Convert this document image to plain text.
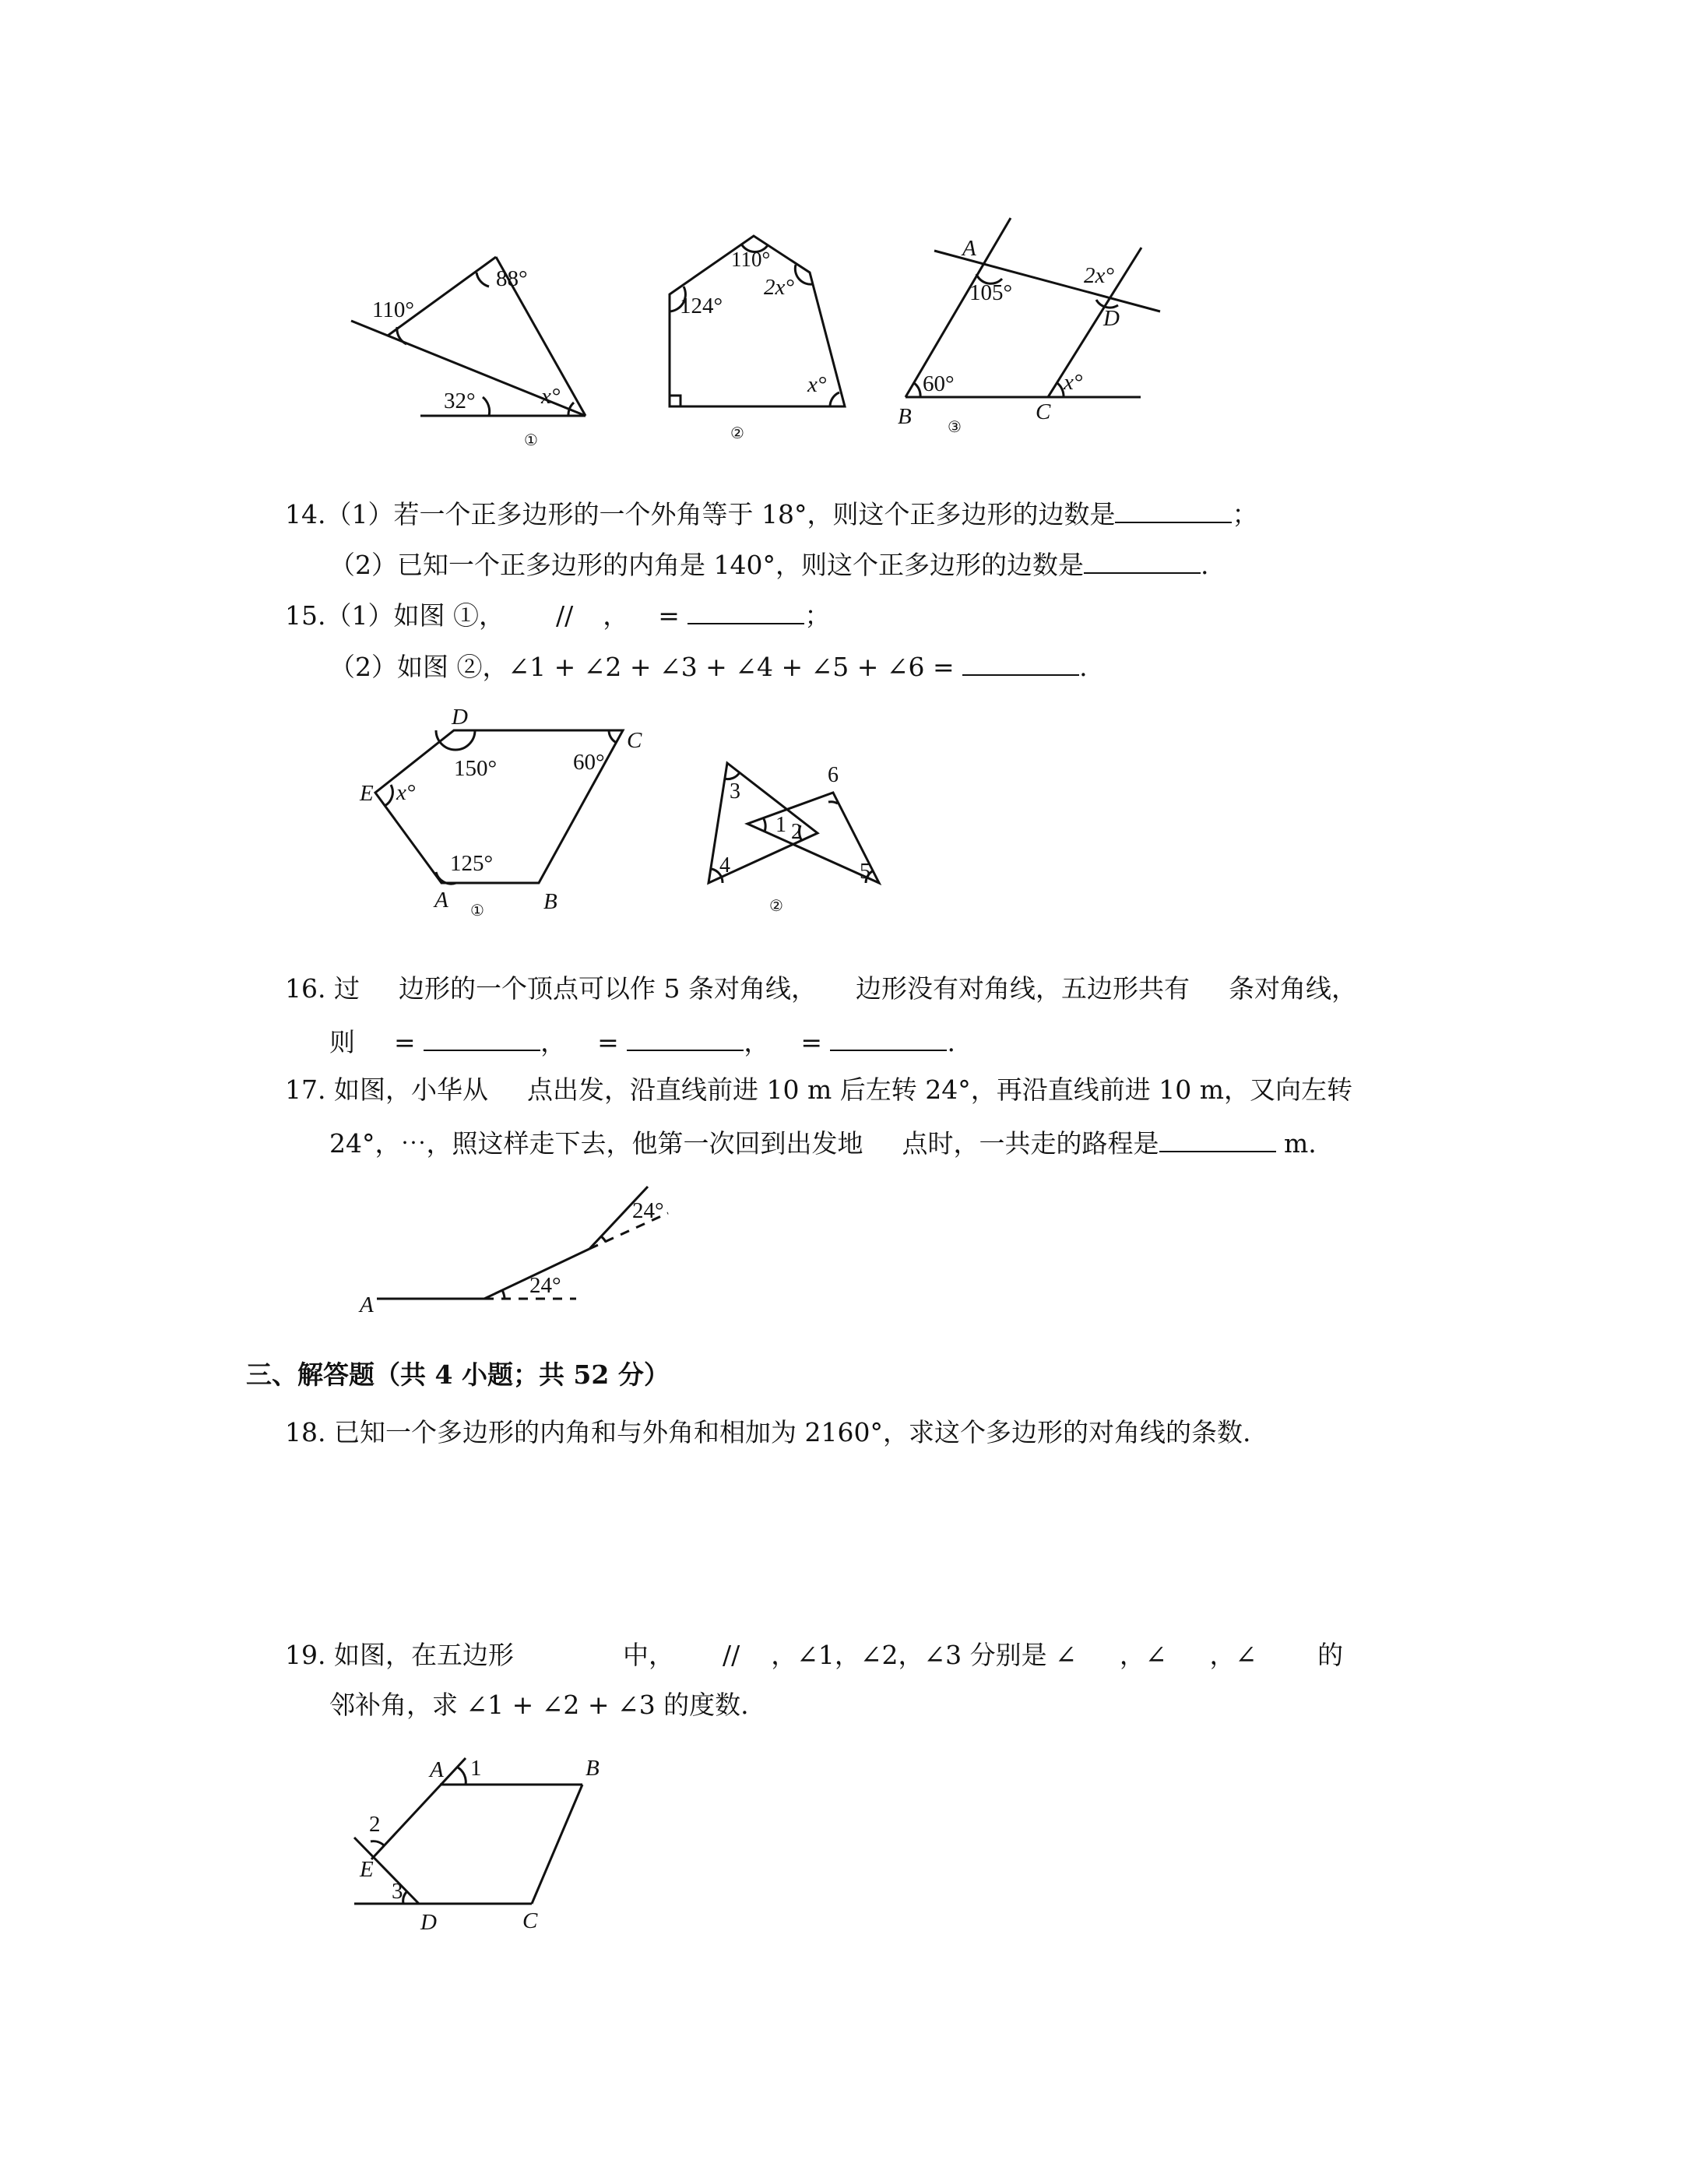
110°
88°
32°	x°
①
110°
124°
2x°
x°
②
A
105°
2x°
D
60°	x°
B	C
③
14.（1）若一个正多边形的一个外角等于 18°，则这个正多边形的边数是	；
（2）已知一个正多边形的内角是 140°，则这个正多边形的边数是	.
15.（1）如图 ①， // ， =	；
（2）如图 ②，∠1 + ∠2 + ∠3 + ∠4 + ∠5 + ∠6 =	.
D
C
E
A	B
150°	60°
x°
125°
①
1 2
3
4	5
6
②
16. 过 边形的一个顶点可以作 5 条对角线， 边形没有对角线，五边形共有 条对角线，
则 =	， =	， =	.
17. 如图，小华从 点出发，沿直线前进 10 m 后左转 24°，再沿直线前进 10 m，又向左转
24°，⋯，照这样走下去，他第一次回到出发地 点时，一共走的路程是	m.
A
24°
24°
三、解答题（共 4 小题；共 52 分）
18. 已知一个多边形的内角和与外角和相加为 2160°，求这个多边形的对角线的条数.
19. 如图，在五边形	中， // ，∠1，∠2，∠3 分别是 ∠ ，∠ ，∠ 的
邻补角，求 ∠1 + ∠2 + ∠3 的度数.
A	B
C
D
E
1
2
3
